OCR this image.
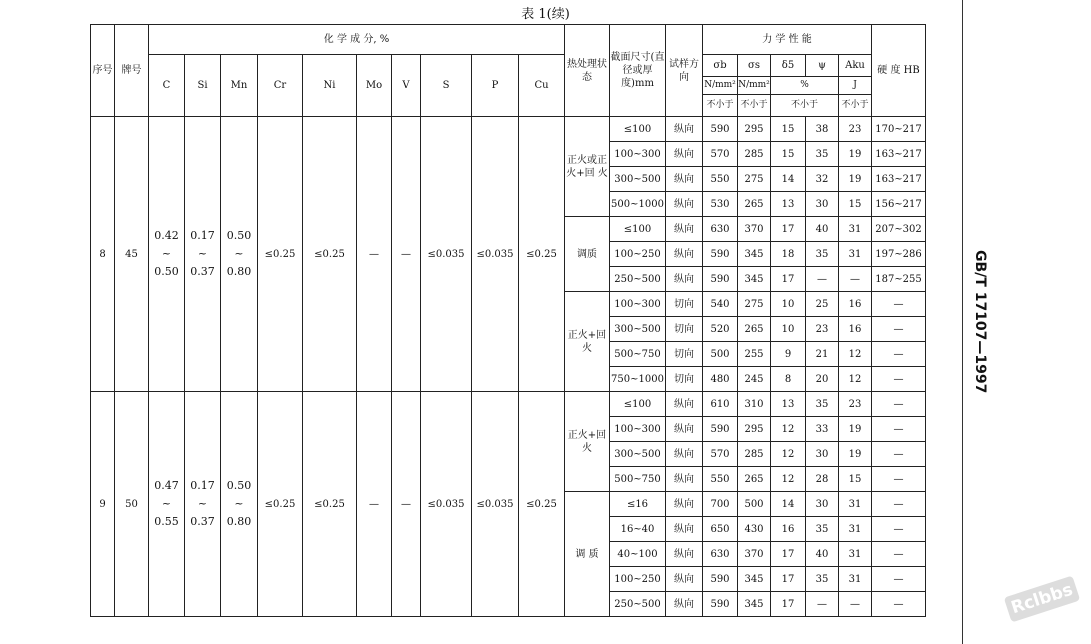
表 1(续)
序号	牌号	化 学 成 分, %										热处理状 态	截面尺寸(直径或厚度)mm	试样方向	力 学 性 能					硬 度 HB
		C	Si	Mn	Cr	Ni	Mo	V	S	P	Cu				σb	σs	δ5	ψ	Aku	
															N/mm²	N/mm²	%		J	
															不小于	不小于	不小于		不小于	
8	45	0.42 ~ 0.50	0.17 ~ 0.37	0.50 ~ 0.80	≤0.25	≤0.25	—	—	≤0.035	≤0.035	≤0.25	正火或正火+回 火	≤100	纵向	590	295	15	38	23	170~217
													100~300	纵向	570	285	15	35	19	163~217
													300~500	纵向	550	275	14	32	19	163~217
													500~1000	纵向	530	265	13	30	15	156~217
												调质	≤100	纵向	630	370	17	40	31	207~302
													100~250	纵向	590	345	18	35	31	197~286
													250~500	纵向	590	345	17	—	—	187~255
												正火+回火	100~300	切向	540	275	10	25	16	—
													300~500	切向	520	265	10	23	16	—
													500~750	切向	500	255	9	21	12	—
													750~1000	切向	480	245	8	20	12	—
9	50	0.47 ~ 0.55	0.17 ~ 0.37	0.50 ~ 0.80	≤0.25	≤0.25	—	—	≤0.035	≤0.035	≤0.25	正火+回 火	≤100	纵向	610	310	13	35	23	—
													100~300	纵向	590	295	12	33	19	—
													300~500	纵向	570	285	12	30	19	—
													500~750	纵向	550	265	12	28	15	—
												调 质	≤16	纵向	700	500	14	30	31	—
													16~40	纵向	650	430	16	35	31	—
													40~100	纵向	630	370	17	40	31	—
													100~250	纵向	590	345	17	35	31	—
													250~500	纵向	590	345	17	—	—	—
GB/T 17107—1997
Rclbbs
